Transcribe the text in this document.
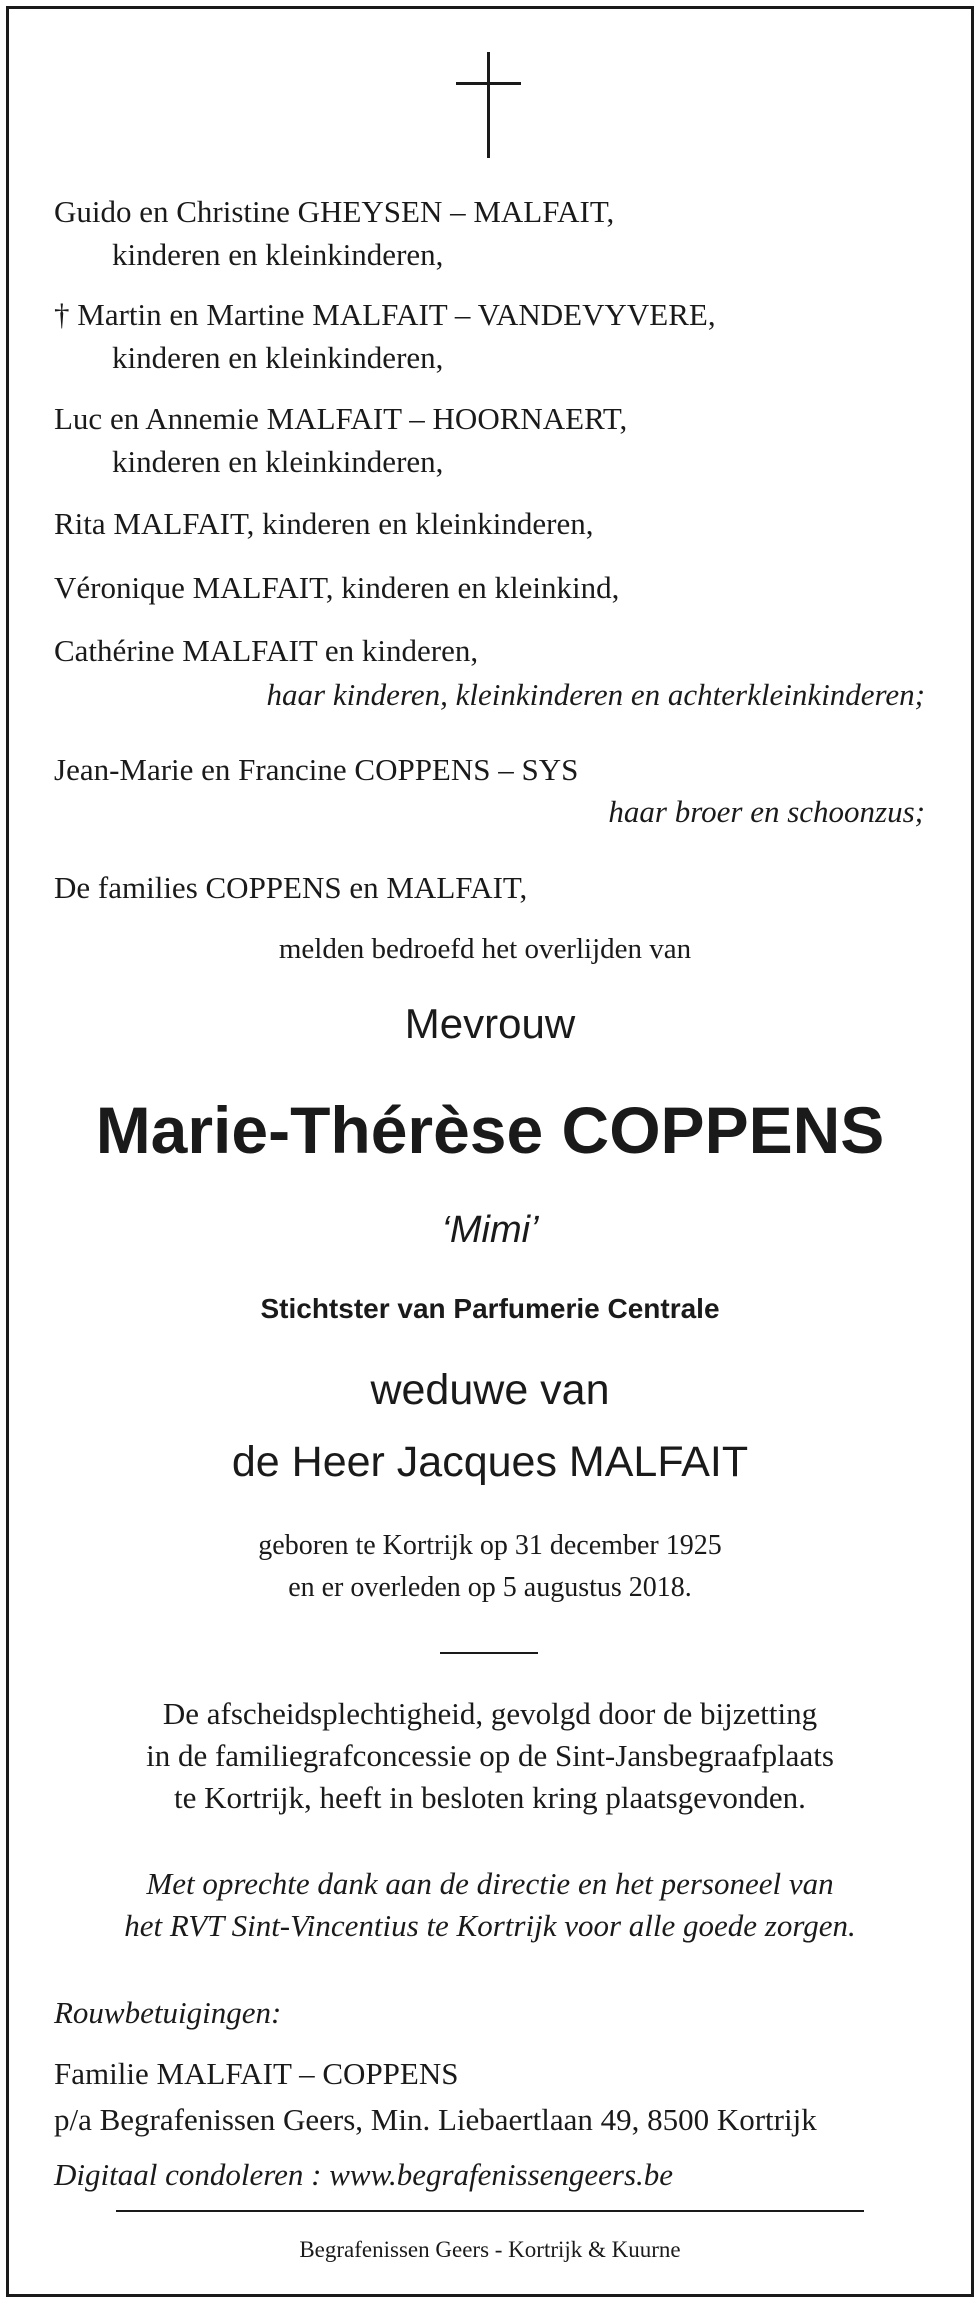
Guido en Christine GHEYSEN – MALFAIT,
kinderen en kleinkinderen,
† Martin en Martine MALFAIT – VANDEVYVERE,
kinderen en kleinkinderen,
Luc en Annemie MALFAIT – HOORNAERT,
kinderen en kleinkinderen,
Rita MALFAIT, kinderen en kleinkinderen,
Véronique MALFAIT, kinderen en kleinkind,
Cathérine MALFAIT en kinderen,
haar kinderen, kleinkinderen en achterkleinkinderen;
Jean-Marie en Francine COPPENS – SYS
haar broer en schoonzus;
De families COPPENS en MALFAIT,
melden bedroefd het overlijden van
Mevrouw
Marie-Thérèse COPPENS
‘Mimi’
Stichtster van Parfumerie Centrale
weduwe van
de Heer Jacques MALFAIT
geboren te Kortrijk op 31 december 1925
en er overleden op 5 augustus 2018.
De afscheidsplechtigheid, gevolgd door de bijzetting
in de familiegrafconcessie op de Sint-Jansbegraafplaats
te Kortrijk, heeft in besloten kring plaatsgevonden.
Met oprechte dank aan de directie en het personeel van
het RVT Sint-Vincentius te Kortrijk voor alle goede zorgen.
Rouwbetuigingen:
Familie MALFAIT – COPPENS
p/a Begrafenissen Geers, Min. Liebaertlaan 49, 8500 Kortrijk
Digitaal condoleren : www.begrafenissengeers.be
Begrafenissen Geers - Kortrijk & Kuurne
